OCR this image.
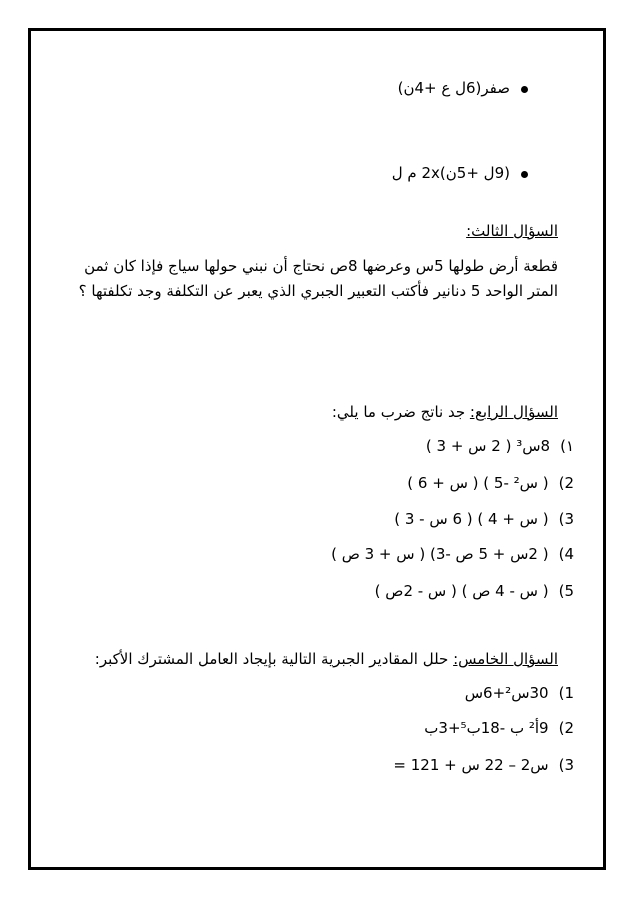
صفر(6ل ع +4ن)
(9ل +5ن)2x م ل
السؤال الثالث:
قطعة أرض طولها 5س وعرضها 8ص نحتاج أن نبني حولها سياج فإذا كان ثمن
المتر الواحد 5 دنانير فأكتب التعبير الجبري الذي يعبر عن التكلفة وجد تكلفتها ؟
السؤال الرابع: جد ناتج ضرب ما يلي:
١)8س³ ( 2 س + 3 )
2)( س² -5 ) ( س + 6 )
3)( س + 4 ) ( 6 س - 3 )
4)( 2س + 5 ص -3) ( س + 3 ص )
5)( س - 4 ص ) ( س - 2ص )
السؤال الخامس: حلل المقادير الجبرية التالية بإيجاد العامل المشترك الأكبر:
1)30س²+6س
2)9أ² ب -18ب⁵+3ب
3)س2 – 22 س + 121 =
